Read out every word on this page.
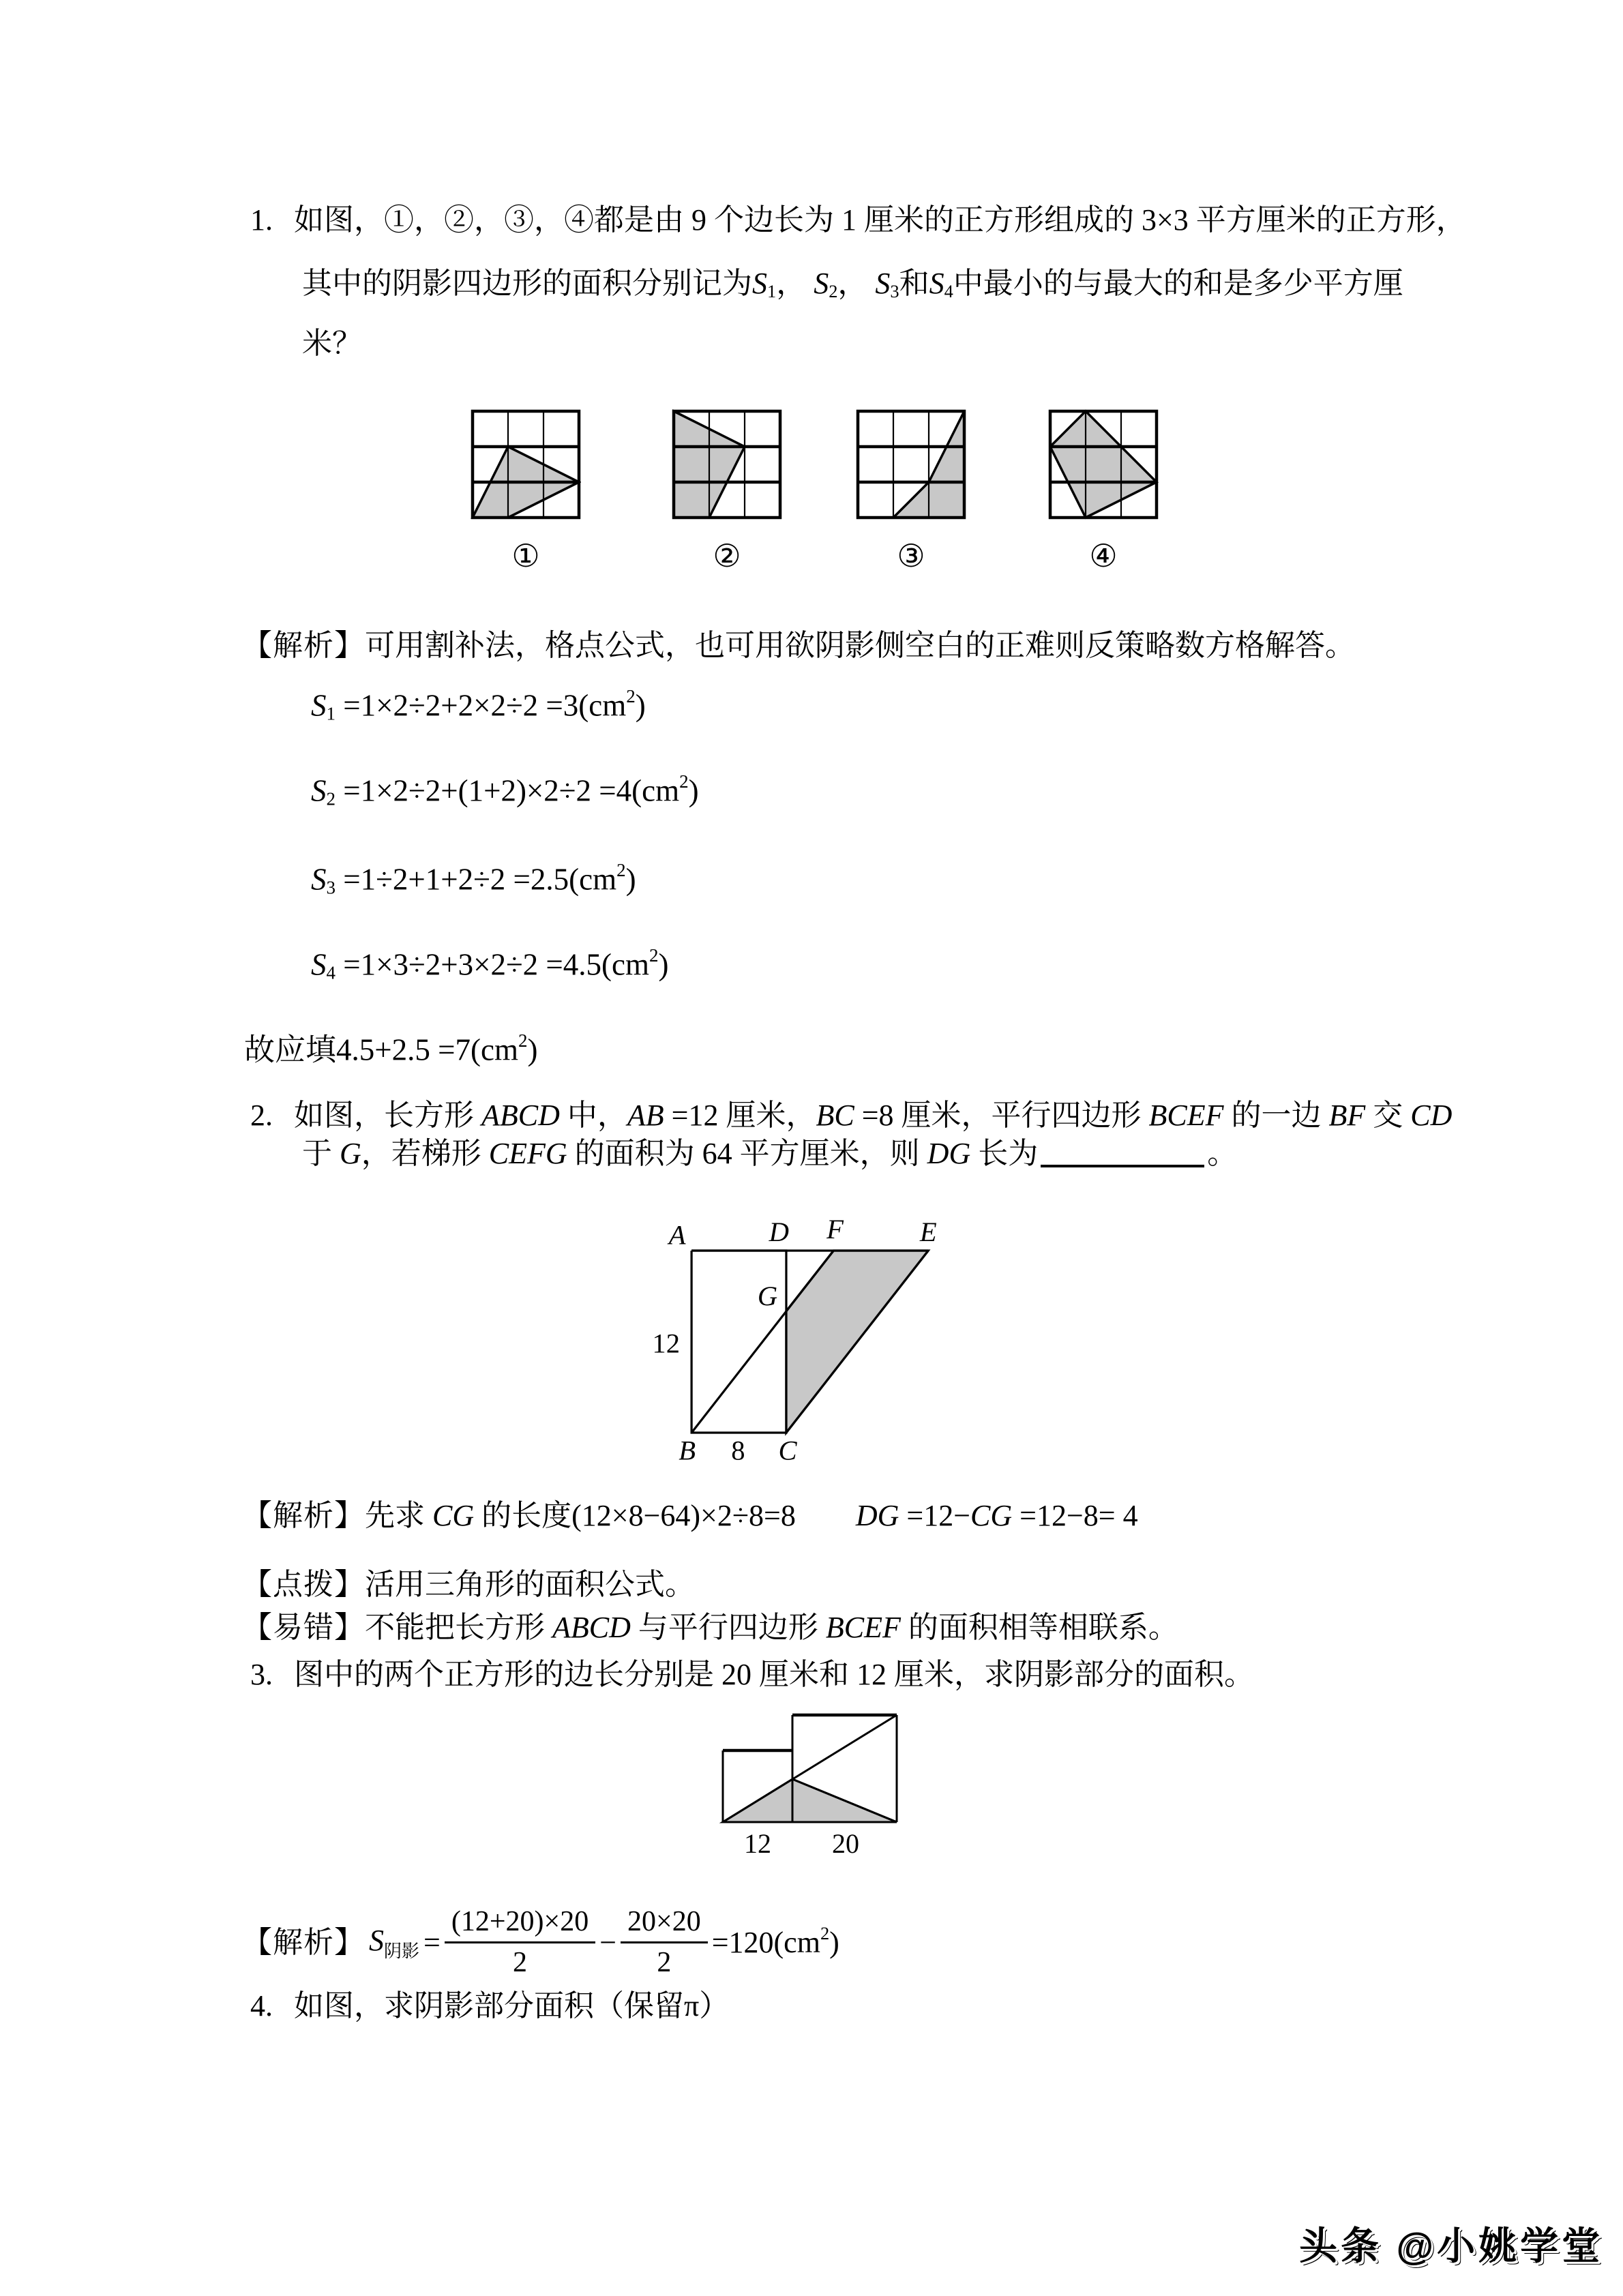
1. 如图，①，②，③，④都是由 9 个边长为 1 厘米的正方形组成的 3×3 平方厘米的正方形，
其中的阴影四边形的面积分别记为S1， S2， S3和S4中最小的与最大的和是多少平方厘
米？
①	②	③	④
【解析】可用割补法，格点公式，也可用欲阴影侧空白的正难则反策略数方格解答。
$S1 =1\times 2\div 2+2\times 2\div 2 =3(cm^2)$
$S2 =1\times 2\div 2+(1+2)\times 2\div 2 =4(cm^2)$
$S3 =1\div 2+1+2\div 2 =2.5(cm^2)$
$S4 =1\times 3\div 2+3\times 2\div 2 =4.5(cm^2)$
故应填$4.5+2.5 =7(cm^2)$
2. 如图，长方形 ABCD 中，AB =12 厘米，BC =8 厘米，平行四边形 BCEF 的一边 BF 交 CD
于 G，若梯形 CEFG 的面积为 64 平方厘米，则 DG 长为	。
A	D F	E
G
12
B 8 C
【解析】先求 CG 的长度(12×8−64)×2÷8=8　　 DG =12−CG =12−8= 4
【点拨】活用三角形的面积公式。
【易错】不能把长方形 ABCD 与平行四边形 BCEF 的面积相等相联系。
3. 图中的两个正方形的边长分别是 20 厘米和 12 厘米，求阴影部分的面积。
12 20
【解析】 $S_{阴影} = \frac{(12+20)\times 20}{2} - \frac{20\times 20}{2} =120(cm^2)$
4. 如图，求阴影部分面积（保留π）
头条 @小姚学堂
